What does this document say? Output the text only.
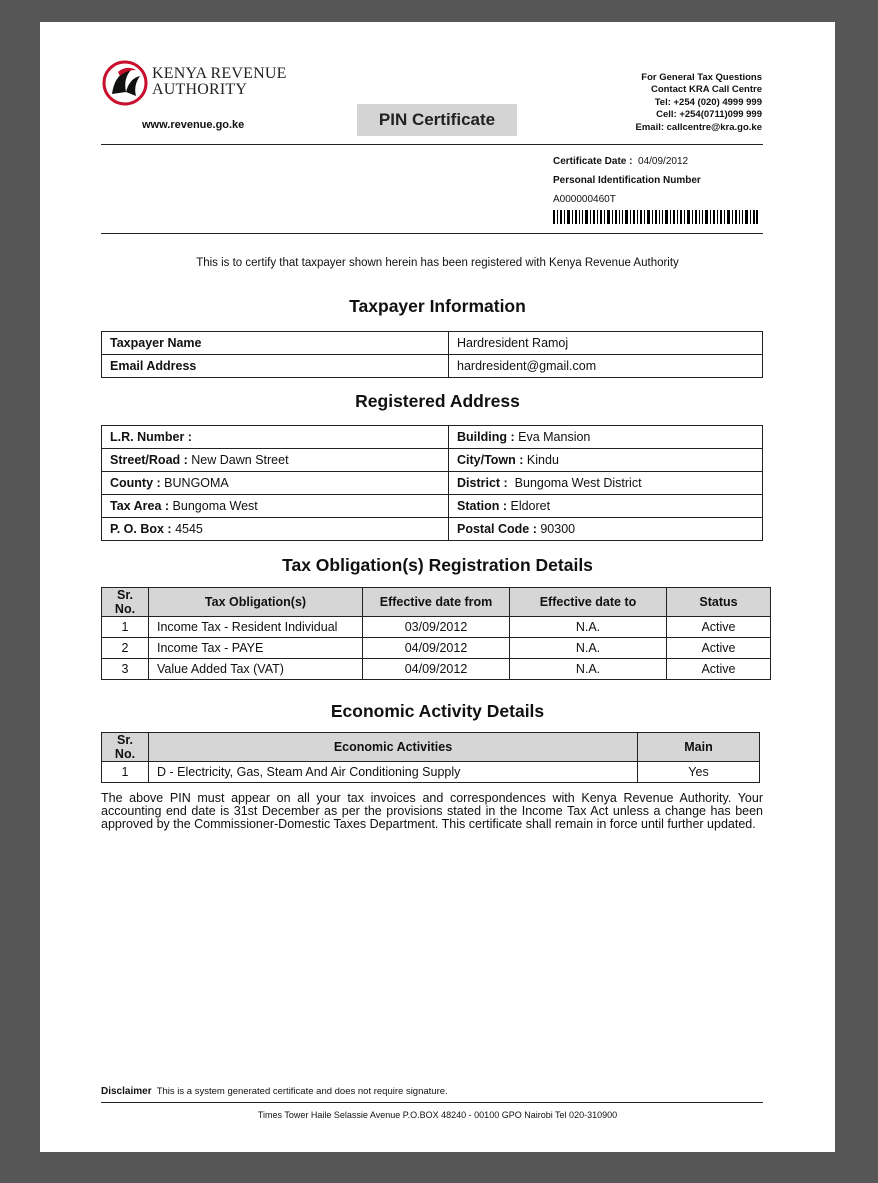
KENYA REVENUE
AUTHORITY
www.revenue.go.ke	PIN Certificate
For General Tax Questions
Contact KRA Call Centre
Tel: +254 (020) 4999 999
Cell: +254(0711)099 999
Email: callcentre@kra.go.ke
Certificate Date : 04/09/2012
Personal Identification Number
A000000460T
This is to certify that taxpayer shown herein has been registered with Kenya Revenue Authority
Taxpayer Information
Taxpayer Name	Hardresident Ramoj
Email Address	hardresident@gmail.com
Registered Address
L.R. Number :	Building : Eva Mansion
Street/Road : New Dawn Street	City/Town : Kindu
County : BUNGOMA	District : Bungoma West District
Tax Area : Bungoma West	Station : Eldoret
P. O. Box : 4545	Postal Code : 90300
Tax Obligation(s) Registration Details
Sr. No.	Tax Obligation(s)	Effective date from	Effective date to	Status
1	Income Tax - Resident Individual	03/09/2012	N.A.	Active
2	Income Tax - PAYE	04/09/2012	N.A.	Active
3	Value Added Tax (VAT)	04/09/2012	N.A.	Active
Economic Activity Details
Sr. No.	Economic Activities	Main
1	D - Electricity, Gas, Steam And Air Conditioning Supply	Yes
The above PIN must appear on all your tax invoices and correspondences with Kenya Revenue Authority. Your accounting end date is 31st December as per the provisions stated in the Income Tax Act unless a change has been approved by the Commissioner-Domestic Taxes Department. This certificate shall remain in force until further updated.
Disclaimer This is a system generated certificate and does not require signature.
Times Tower Haile Selassie Avenue P.O.BOX 48240 - 00100 GPO Nairobi Tel 020-310900
